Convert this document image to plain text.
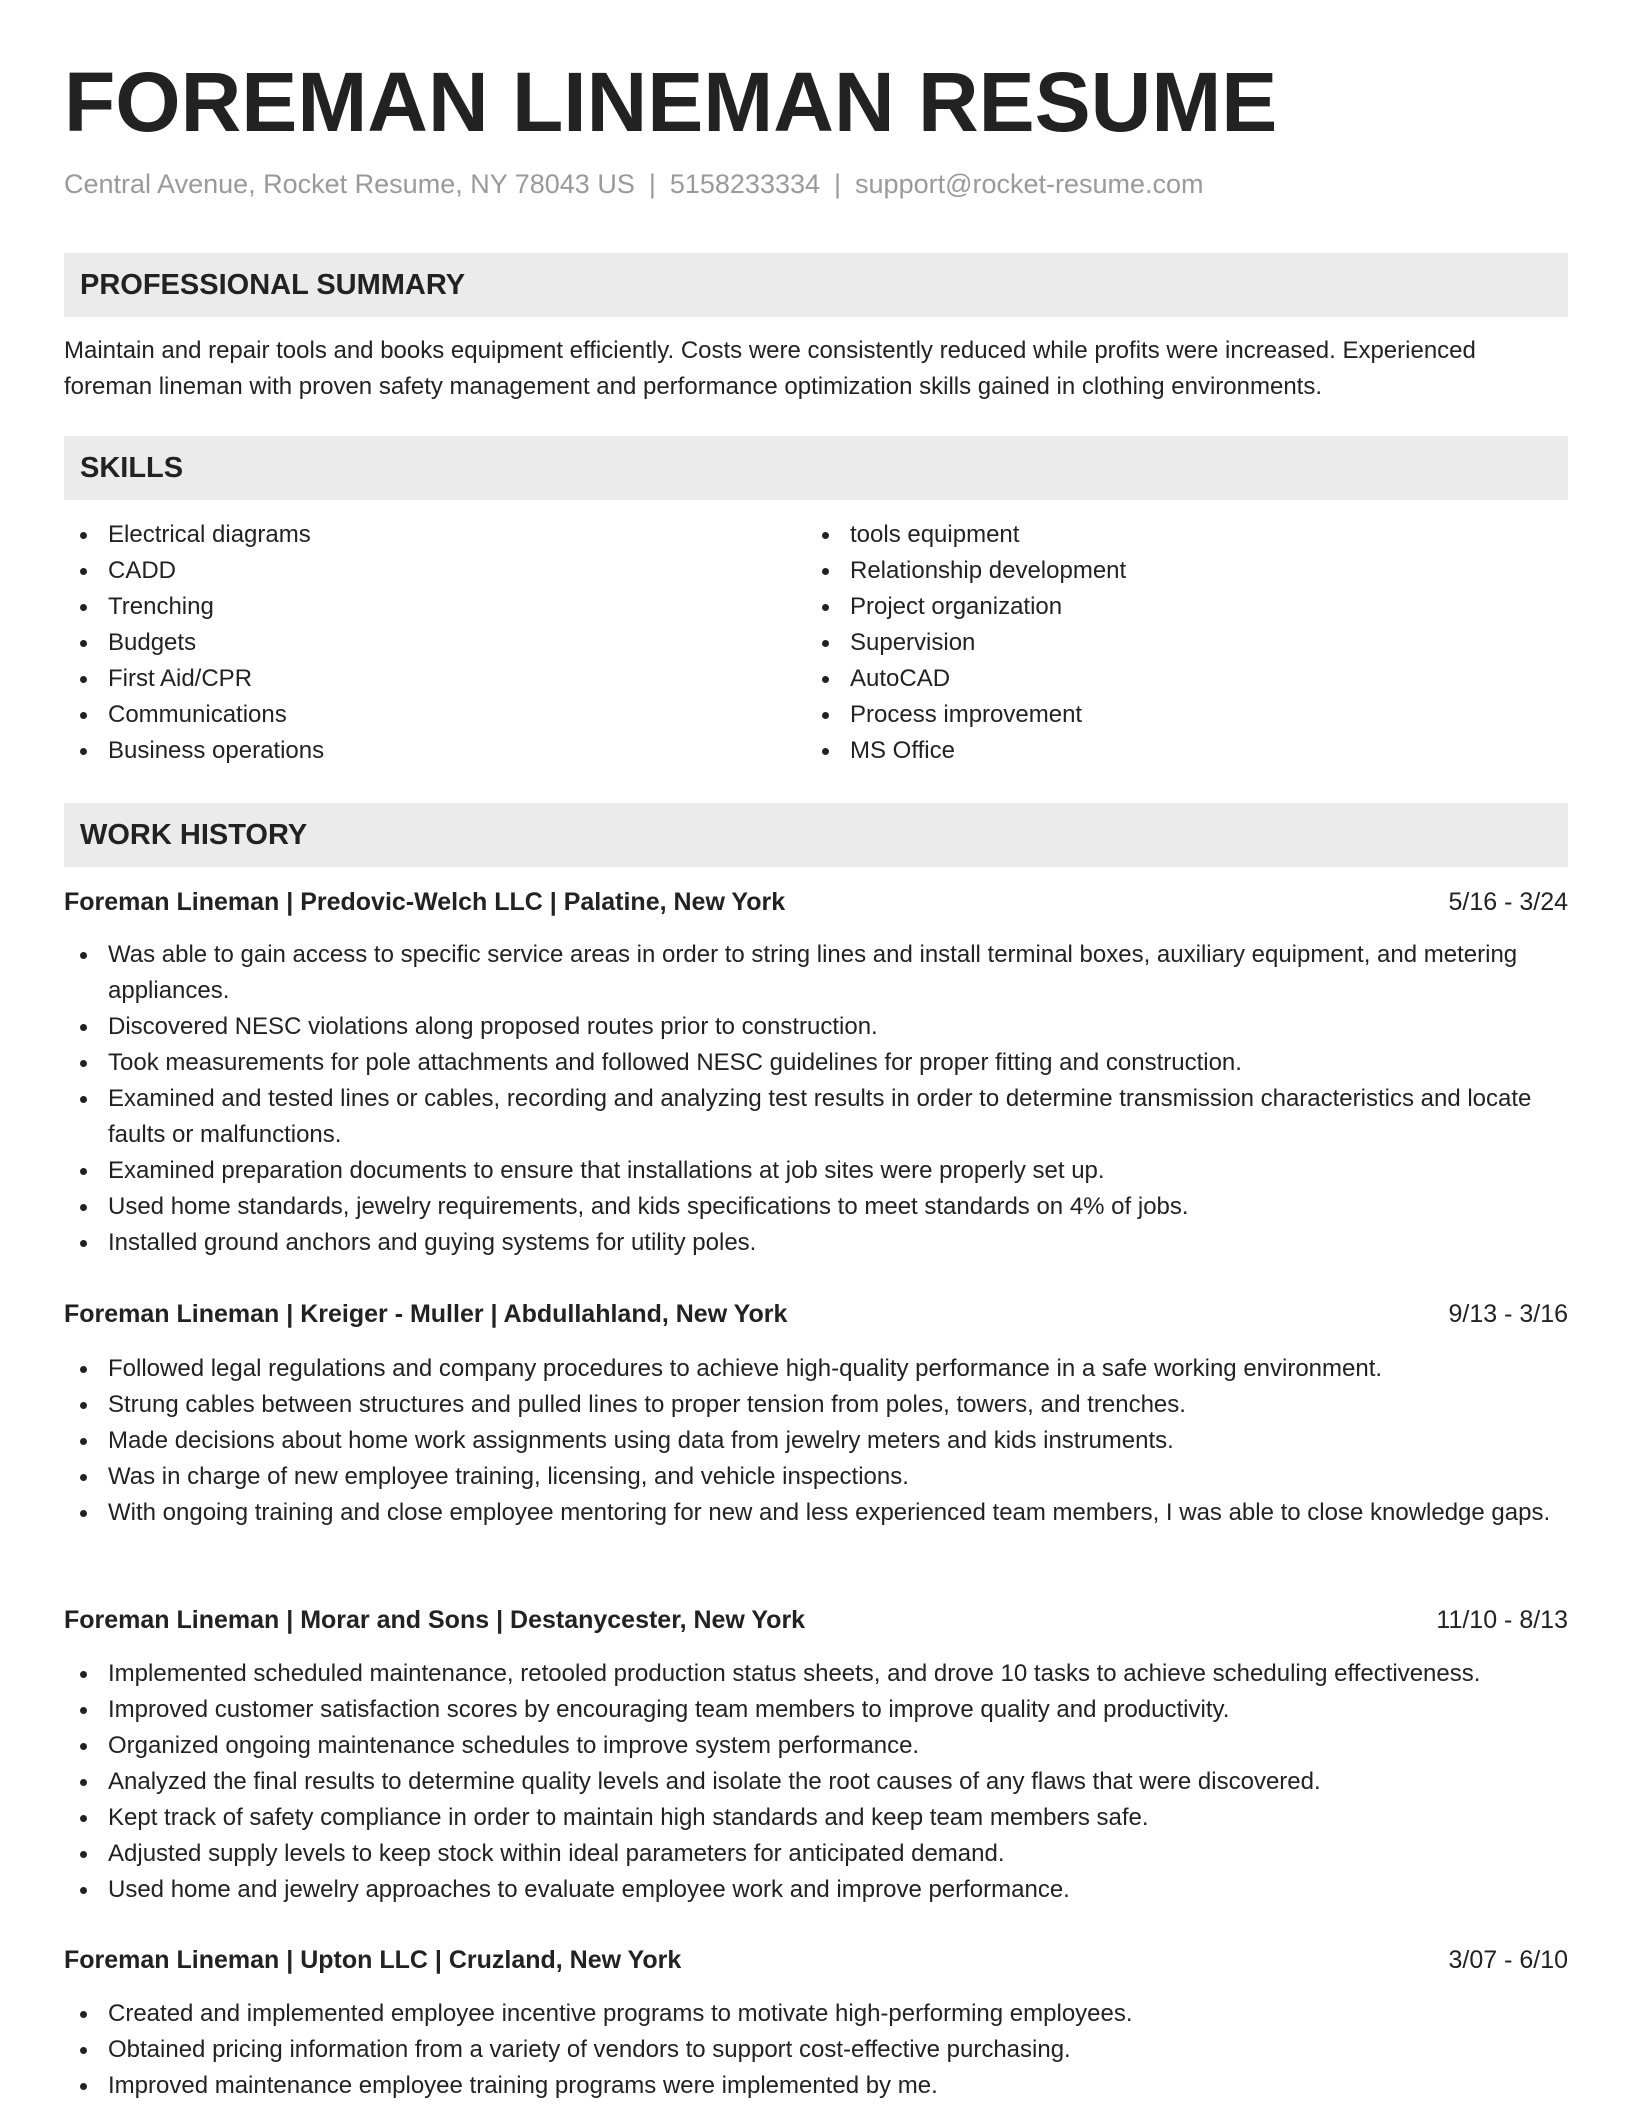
FOREMAN LINEMAN RESUME
Central Avenue, Rocket Resume, NY 78043 US | 5158233334 | support@rocket-resume.com
PROFESSIONAL SUMMARY

Maintain and repair tools and books equipment efficiently. Costs were consistently reduced while profits were increased. Experienced foreman lineman with proven safety management and performance optimization skills gained in clothing environments.

SKILLS
Electrical diagrams
CADD
Trenching
Budgets
First Aid/CPR
Communications
Business operations
tools equipment
Relationship development
Project organization
Supervision
AutoCAD
Process improvement
MS Office
WORK HISTORY
Foreman Lineman | Predovic-Welch LLC | Palatine, New York	5/16 - 3/24
Was able to gain access to specific service areas in order to string lines and install terminal boxes, auxiliary equipment, and metering appliances.
Discovered NESC violations along proposed routes prior to construction.
Took measurements for pole attachments and followed NESC guidelines for proper fitting and construction.
Examined and tested lines or cables, recording and analyzing test results in order to determine transmission characteristics and locate faults or malfunctions.
Examined preparation documents to ensure that installations at job sites were properly set up.
Used home standards, jewelry requirements, and kids specifications to meet standards on 4% of jobs.
Installed ground anchors and guying systems for utility poles.
Foreman Lineman | Kreiger - Muller | Abdullahland, New York	9/13 - 3/16
Followed legal regulations and company procedures to achieve high-quality performance in a safe working environment.
Strung cables between structures and pulled lines to proper tension from poles, towers, and trenches.
Made decisions about home work assignments using data from jewelry meters and kids instruments.
Was in charge of new employee training, licensing, and vehicle inspections.
With ongoing training and close employee mentoring for new and less experienced team members, I was able to close knowledge gaps.
Foreman Lineman | Morar and Sons | Destanycester, New York	11/10 - 8/13
Implemented scheduled maintenance, retooled production status sheets, and drove 10 tasks to achieve scheduling effectiveness.
Improved customer satisfaction scores by encouraging team members to improve quality and productivity.
Organized ongoing maintenance schedules to improve system performance.
Analyzed the final results to determine quality levels and isolate the root causes of any flaws that were discovered.
Kept track of safety compliance in order to maintain high standards and keep team members safe.
Adjusted supply levels to keep stock within ideal parameters for anticipated demand.
Used home and jewelry approaches to evaluate employee work and improve performance.
Foreman Lineman | Upton LLC | Cruzland, New York	3/07 - 6/10
Created and implemented employee incentive programs to motivate high-performing employees.
Obtained pricing information from a variety of vendors to support cost-effective purchasing.
Improved maintenance employee training programs were implemented by me.
